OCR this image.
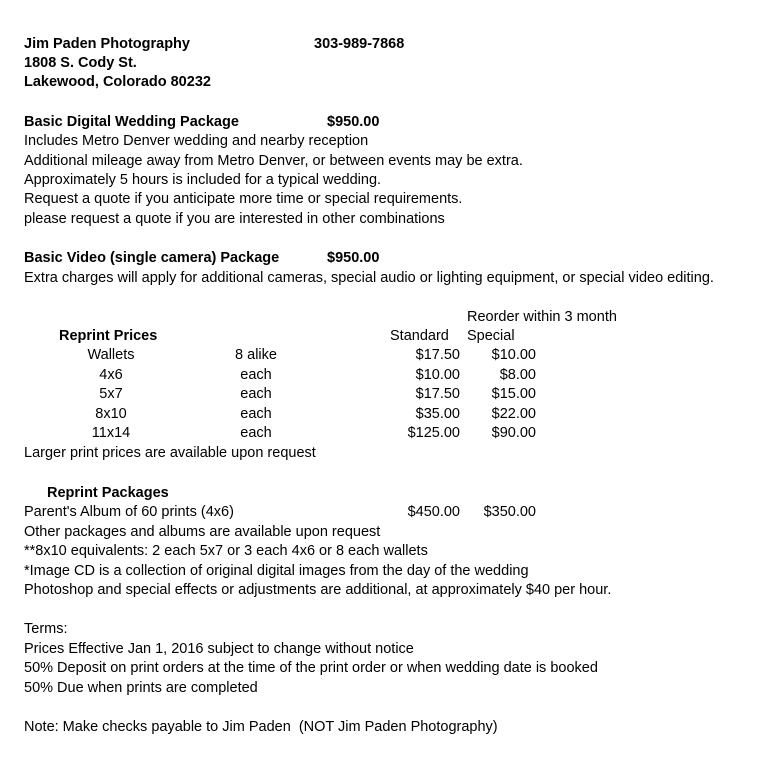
Jim Paden Photography	303-989-7868
1808 S. Cody St.
Lakewood, Colorado 80232
Basic Digital Wedding Package	$950.00
Includes Metro Denver wedding and nearby reception
Additional mileage away from Metro Denver, or between events may be extra.
Approximately 5 hours is included for a typical wedding.
Request a quote if you anticipate more time or special requirements.
please request a quote if you are interested in other combinations
Basic Video (single camera) Package	$950.00
Extra charges will apply for additional cameras, special audio or lighting equipment, or special video editing.
Reorder within 3 month
Reprint Prices	Standard Special
Wallets	8 alike	$17.50	$10.00
4x6	each	$10.00	$8.00
5x7	each	$17.50	$15.00
8x10	each	$35.00	$22.00
11x14	each	$125.00	$90.00
Larger print prices are available upon request
Reprint Packages
Parent's Album of 60 prints (4x6)	$450.00	$350.00
Other packages and albums are available upon request
**8x10 equivalents: 2 each 5x7 or 3 each 4x6 or 8 each wallets
*Image CD is a collection of original digital images from the day of the wedding
Photoshop and special effects or adjustments are additional, at approximately $40 per hour.
Terms:
Prices Effective Jan 1, 2016 subject to change without notice
50% Deposit on print orders at the time of the print order or when wedding date is booked
50% Due when prints are completed
Note: Make checks payable to Jim Paden  (NOT Jim Paden Photography)
